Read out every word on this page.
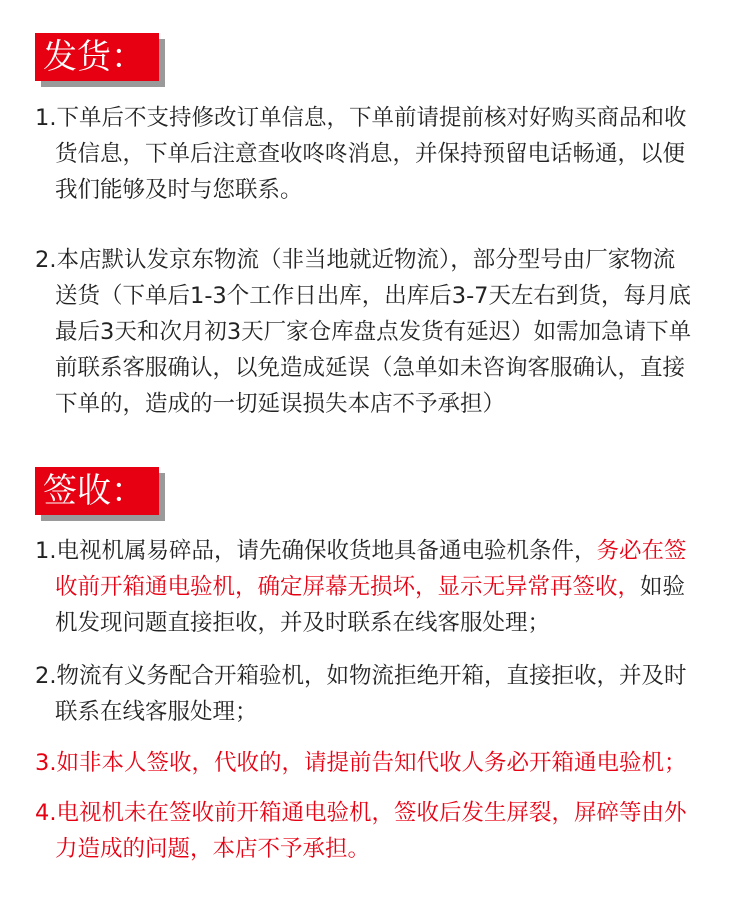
发货：
1.下单后不支持修改订单信息，下单前请提前核对好购买商品和收
货信息，下单后注意查收咚咚消息，并保持预留电话畅通，以便
我们能够及时与您联系。
2.本店默认发京东物流（非当地就近物流），部分型号由厂家物流
送货（下单后1-3个工作日出库，出库后3-7天左右到货，每月底
最后3天和次月初3天厂家仓库盘点发货有延迟）如需加急请下单
前联系客服确认，以免造成延误（急单如未咨询客服确认，直接
下单的，造成的一切延误损失本店不予承担）
签收：
1.电视机属易碎品，请先确保收货地具备通电验机条件，务必在签
收前开箱通电验机，确定屏幕无损坏，显示无异常再签收，如验
机发现问题直接拒收，并及时联系在线客服处理；
2.物流有义务配合开箱验机，如物流拒绝开箱，直接拒收，并及时
联系在线客服处理；
3.如非本人签收，代收的，请提前告知代收人务必开箱通电验机；
4.电视机未在签收前开箱通电验机，签收后发生屏裂，屏碎等由外
力造成的问题，本店不予承担。
